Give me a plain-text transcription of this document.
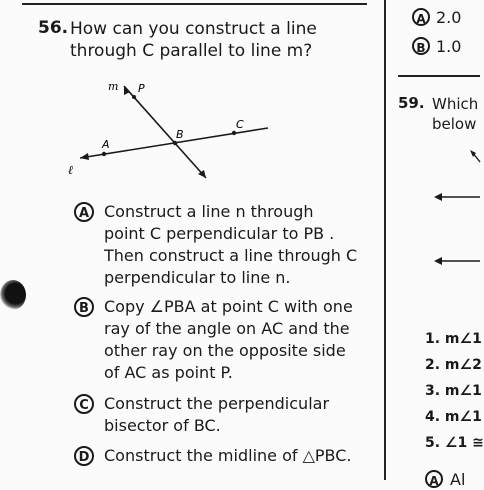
56. How can you construct a line
through C parallel to line m?
m P
A
B
C
ℓ
A Construct a line n through
point C perpendicular to PB .
Then construct a line through C
perpendicular to line n.
B Copy ∠PBA at point C with one
ray of the angle on AC and the
other ray on the opposite side
of AC as point P.
C Construct the perpendicular
bisector of BC.
D Construct the midline of △PBC.
A 2.0
B 1.0
59. Which
below
1. m∠1
2. m∠2
3. m∠1
4. m∠1
5. ∠1 ≅
A Al
